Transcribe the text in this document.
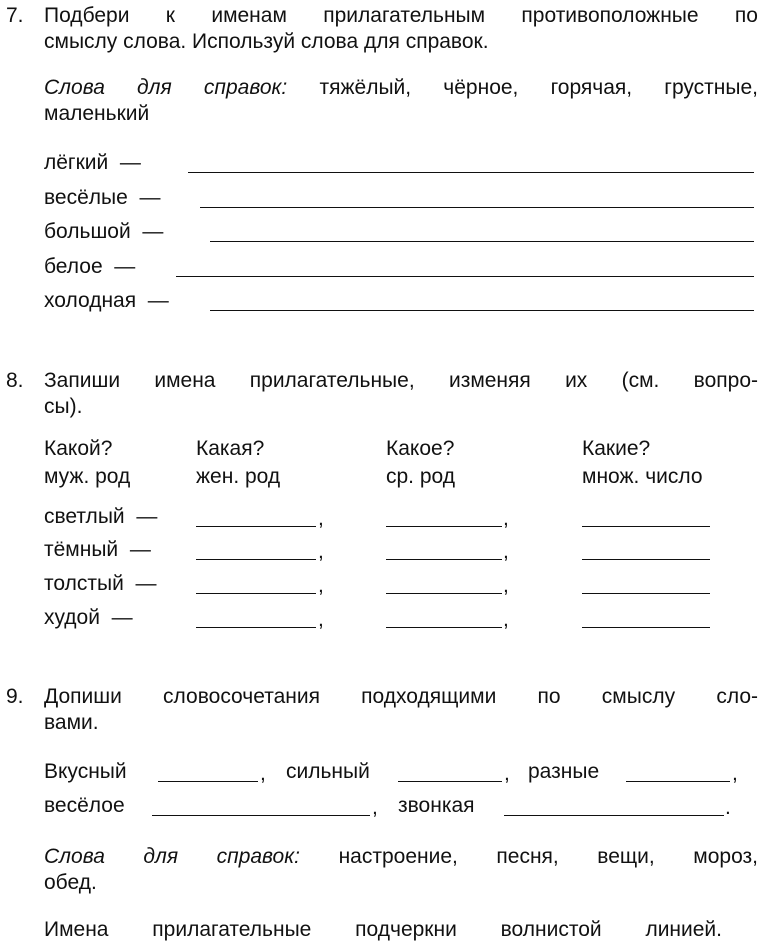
7. Подбери к именам прилагательным противоположные по
смыслу слова. Используй слова для справок.
Слова для справок: тяжёлый, чёрное, горячая, грустные,
маленький
лёгкий —
весёлые —
большой —
белое —
холодная —
8. Запиши имена прилагательные, изменяя их (см. вопро-
сы).
Какой?
муж. род
Какая?
жен. род
Какое?
ср. род
Какие?
множ. число
светлый —	,	,
тёмный —	,	,
толстый —	,	,
худой —	,	,
9. Допиши словосочетания подходящими по смыслу сло-
вами.
Вкусный	, сильный	, разные	,
весёлое	, звонкая	.
Слова для справок: настроение, песня, вещи, мороз,
обед.
Имена прилагательные подчеркни волнистой линией.
